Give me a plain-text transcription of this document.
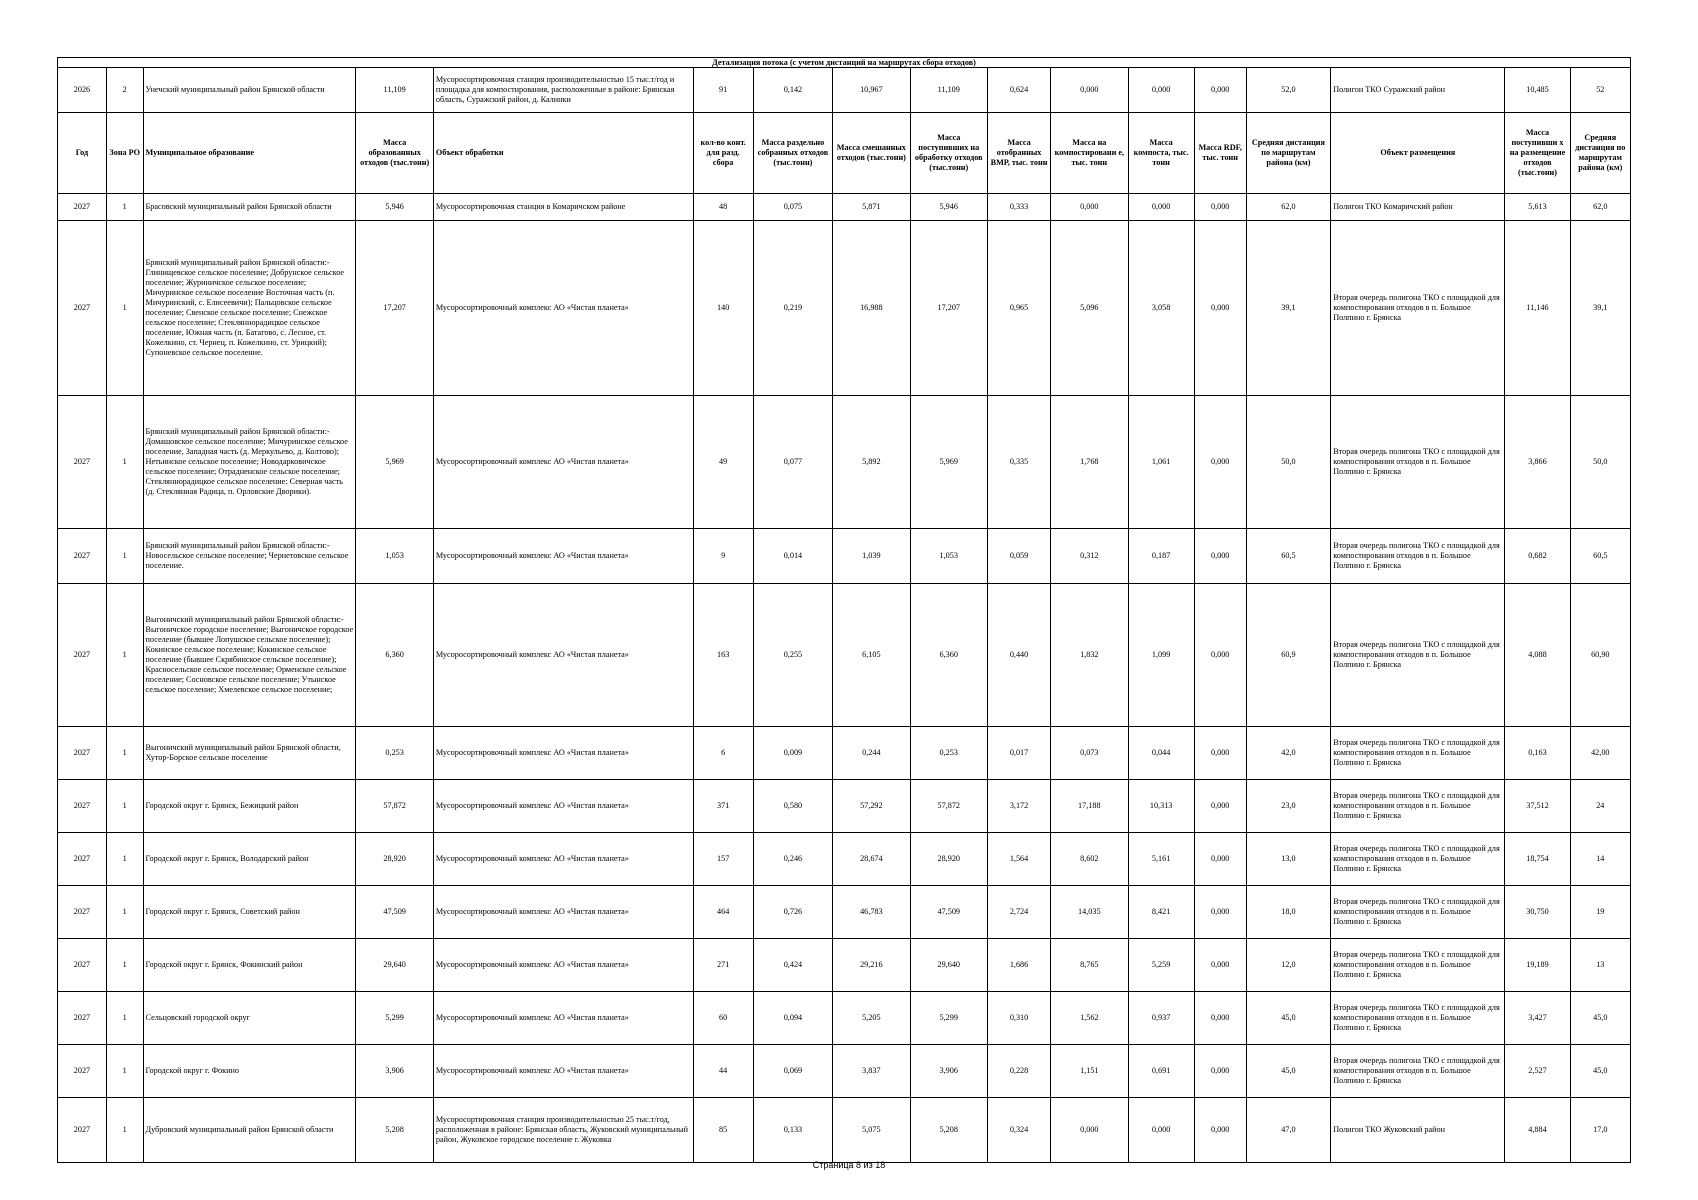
Детализация потока (с учетом дистанций на маршрутах сбора отходов)																
2026	2	Унечский муниципальный район Брянской области	11,109	Мусоросортировочная станция производительностью 15 тыс.т/год и площадка для компостирования, расположенные в районе: Брянская область, Суражский район, д. Калинки	91	0,142	10,967	11,109	0,624	0,000	0,000	0,000	52,0	Полигон ТКО Суражский район	10,485	52
Год	Зона РО	Муниципальное образование	Масса образованных отходов (тыс.тонн)	Объект обработки	кол-во конт. для разд. сбора	Масса раздельно собранных отходов (тыс.тонн)	Масса смешанных отходов (тыс.тонн)	Масса поступивших на обработку отходов (тыс.тонн)	Масса отобранных ВМР, тыс. тонн	Масса на компостировани е, тыс. тонн	Масса компоста, тыс. тонн	Масса RDF, тыс. тонн	Средняя дистанция по маршрутам района (км)	Объект размещения	Масса поступивши х на размещение отходов (тыс.тонн)	Средняя дистанция по маршрутам района (км)
2027	1	Брасовский муниципальный район Брянской области	5,946	Мусоросортировочная станция в Комаричском районе	48	0,075	5,871	5,946	0,333	0,000	0,000	0,000	62,0	Полигон ТКО Комаричский район	5,613	62,0
2027	1	Брянский муниципальный район Брянской области:- Глинищевское сельское поселение; Добрунское сельское поселение; Журиничское сельское поселение; Мичуринское сельское поселение Восточная часть (п. Мичуринский, с. Елисеевичи); Пальцовское сельское поселение; Свенское сельское поселение; Снежское сельское поселение; Стекляннорадицкое сельское поселение, Южная часть (п. Батагово, с. Лесное, ст. Кожелкино, ст. Чернец, п. Кожелкино, ст. Урицкий); Супоневское сельское поселение.	17,207	Мусоросортировочный комплекс АО «Чистая планета»	140	0,219	16,988	17,207	0,965	5,096	3,058	0,000	39,1	Вторая очередь полигона ТКО с площадкой для компостирования отходов в п. Большое Полпино г. Брянска	11,146	39,1
2027	1	Брянский муниципальный район Брянской области:- Домашовское сельское поселение; Мичуринское сельское поселение, Западная часть (д. Меркульево, д. Колтово); Нетьинское сельское поселение; Новодарковичское сельское поселение; Отрадненское сельское поселение; Стекляннорадицкое сельское поселение: Северная часть (д. Стеклянная Радица, п. Орловские Дворики).	5,969	Мусоросортировочный комплекс АО «Чистая планета»	49	0,077	5,892	5,969	0,335	1,768	1,061	0,000	50,0	Вторая очередь полигона ТКО с площадкой для компостирования отходов в п. Большое Полпино г. Брянска	3,866	50,0
2027	1	Брянский муниципальный район Брянской области:- Новосельское сельское поселение; Чернетовское сельское поселение.	1,053	Мусоросортировочный комплекс АО «Чистая планета»	9	0,014	1,039	1,053	0,059	0,312	0,187	0,000	60,5	Вторая очередь полигона ТКО с площадкой для компостирования отходов в п. Большое Полпино г. Брянска	0,682	60,5
2027	1	Выгоничский муниципальный район Брянской области:- Выгоничское городское поселение; Выгоничское городское поселение (бывшее Лопушское сельское поселение); Кокинское сельское поселение; Кокинское сельское поселение (бывшее Скрябинское сельское поселение); Красносельское сельское поселение; Орменское сельское поселение; Сосновское сельское поселение; Утынское сельское поселение; Хмелевское сельское поселение;	6,360	Мусоросортировочный комплекс АО «Чистая планета»	163	0,255	6,105	6,360	0,440	1,832	1,099	0,000	60,9	Вторая очередь полигона ТКО с площадкой для компостирования отходов в п. Большое Полпино г. Брянска	4,088	60,90
2027	1	Выгоничский муниципальный район Брянской области, Хутор-Борское сельское поселение	0,253	Мусоросортировочный комплекс АО «Чистая планета»	6	0,009	0,244	0,253	0,017	0,073	0,044	0,000	42,0	Вторая очередь полигона ТКО с площадкой для компостирования отходов в п. Большое Полпино г. Брянска	0,163	42,00
2027	1	Городской округ г. Брянск, Бежицкий район	57,872	Мусоросортировочный комплекс АО «Чистая планета»	371	0,580	57,292	57,872	3,172	17,188	10,313	0,000	23,0	Вторая очередь полигона ТКО с площадкой для компостирования отходов в п. Большое Полпино г. Брянска	37,512	24
2027	1	Городской округ г. Брянск, Володарский район	28,920	Мусоросортировочный комплекс АО «Чистая планета»	157	0,246	28,674	28,920	1,564	8,602	5,161	0,000	13,0	Вторая очередь полигона ТКО с площадкой для компостирования отходов в п. Большое Полпино г. Брянска	18,754	14
2027	1	Городской округ г. Брянск, Советский район	47,509	Мусоросортировочный комплекс АО «Чистая планета»	464	0,726	46,783	47,509	2,724	14,035	8,421	0,000	18,0	Вторая очередь полигона ТКО с площадкой для компостирования отходов в п. Большое Полпино г. Брянска	30,750	19
2027	1	Городской округ г. Брянск, Фокинский район	29,640	Мусоросортировочный комплекс АО «Чистая планета»	271	0,424	29,216	29,640	1,686	8,765	5,259	0,000	12,0	Вторая очередь полигона ТКО с площадкой для компостирования отходов в п. Большое Полпино г. Брянска	19,189	13
2027	1	Сельцовский городской округ	5,299	Мусоросортировочный комплекс АО «Чистая планета»	60	0,094	5,205	5,299	0,310	1,562	0,937	0,000	45,0	Вторая очередь полигона ТКО с площадкой для компостирования отходов в п. Большое Полпино г. Брянска	3,427	45,0
2027	1	Городской округ г. Фокино	3,906	Мусоросортировочный комплекс АО «Чистая планета»	44	0,069	3,837	3,906	0,228	1,151	0,691	0,000	45,0	Вторая очередь полигона ТКО с площадкой для компостирования отходов в п. Большое Полпино г. Брянска	2,527	45,0
2027	1	Дубровский муниципальный район Брянской области	5,208	Мусоросортировочная станция производительностью 25 тыс.т/год, расположенная в районе: Брянская область, Жуковский муниципальный район, Жуковское городское поселение г. Жуковка	85	0,133	5,075	5,208	0,324	0,000	0,000	0,000	47,0	Полигон ТКО Жуковский район	4,884	17,0
Страница 8 из 18
